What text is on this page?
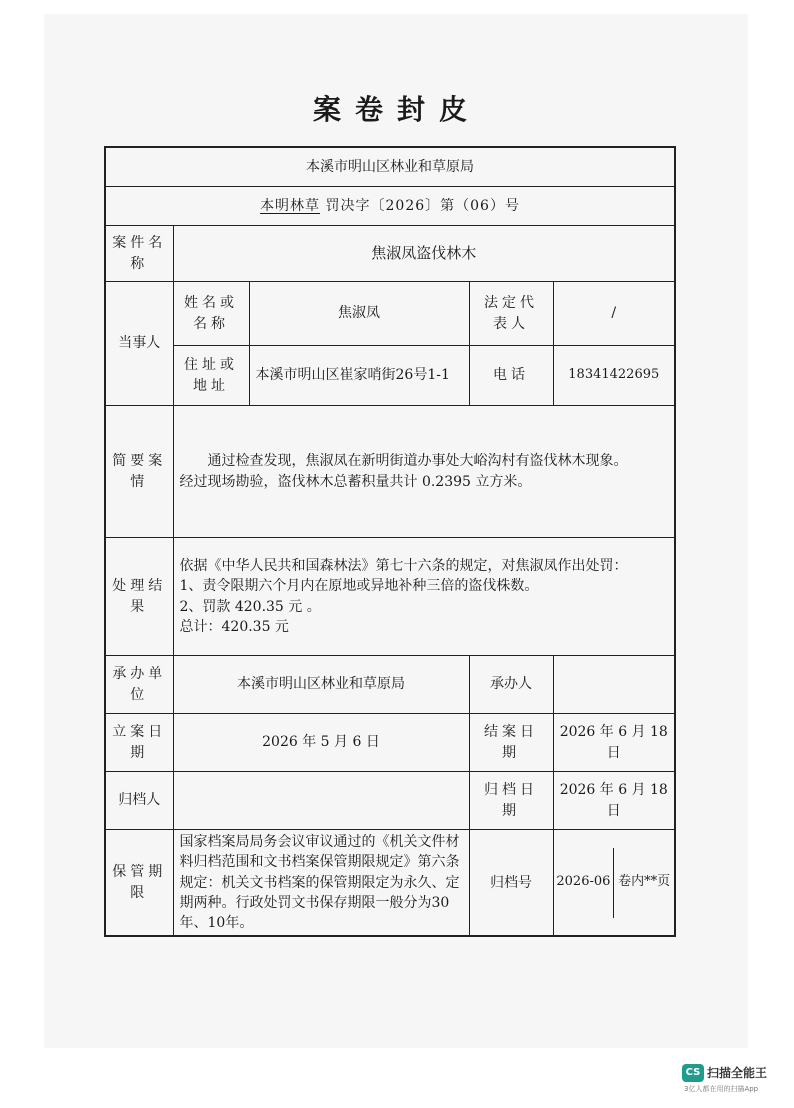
案卷封皮
本溪市明山区林业和草原局				
本明林草 罚决字〔2026〕第（06）号				
案件名称	焦淑凤盗伐林木			
当事人	姓名或名称	焦淑凤	法定代表人	/
	住址或地址	本溪市明山区崔家哨街26号1-1	电话	18341422695
简要案情	通过检查发现，焦淑凤在新明街道办事处大峪沟村有盗伐林木现象。
经过现场勘验，盗伐林木总蓄积量共计 0.2395 立方米。			

处理结果	依据《中华人民共和国森林法》第七十六条的规定，对焦淑凤作出处罚：
1、责令限期六个月内在原地或异地补种三倍的盗伐株数。
2、罚款 420.35 元 。
总计：420.35 元			

承办单位	本溪市明山区林业和草原局		承办人	
立案日期	2026 年 5 月 6 日		结案日期	2026 年 6 月 18 日
归档人			归档日期	2026 年 6 月 18 日
保管期限	国家档案局局务会议审议通过的《机关文件材料归档范围和文书档案保管期限规定》第六条规定：机关文书档案的保管期限定为永久、定期两种。行政处罚文书保存期限一般分为30年、10年。		归档号	2026-06 卷内**页
CS 扫描全能王
3亿人都在用的扫描App
